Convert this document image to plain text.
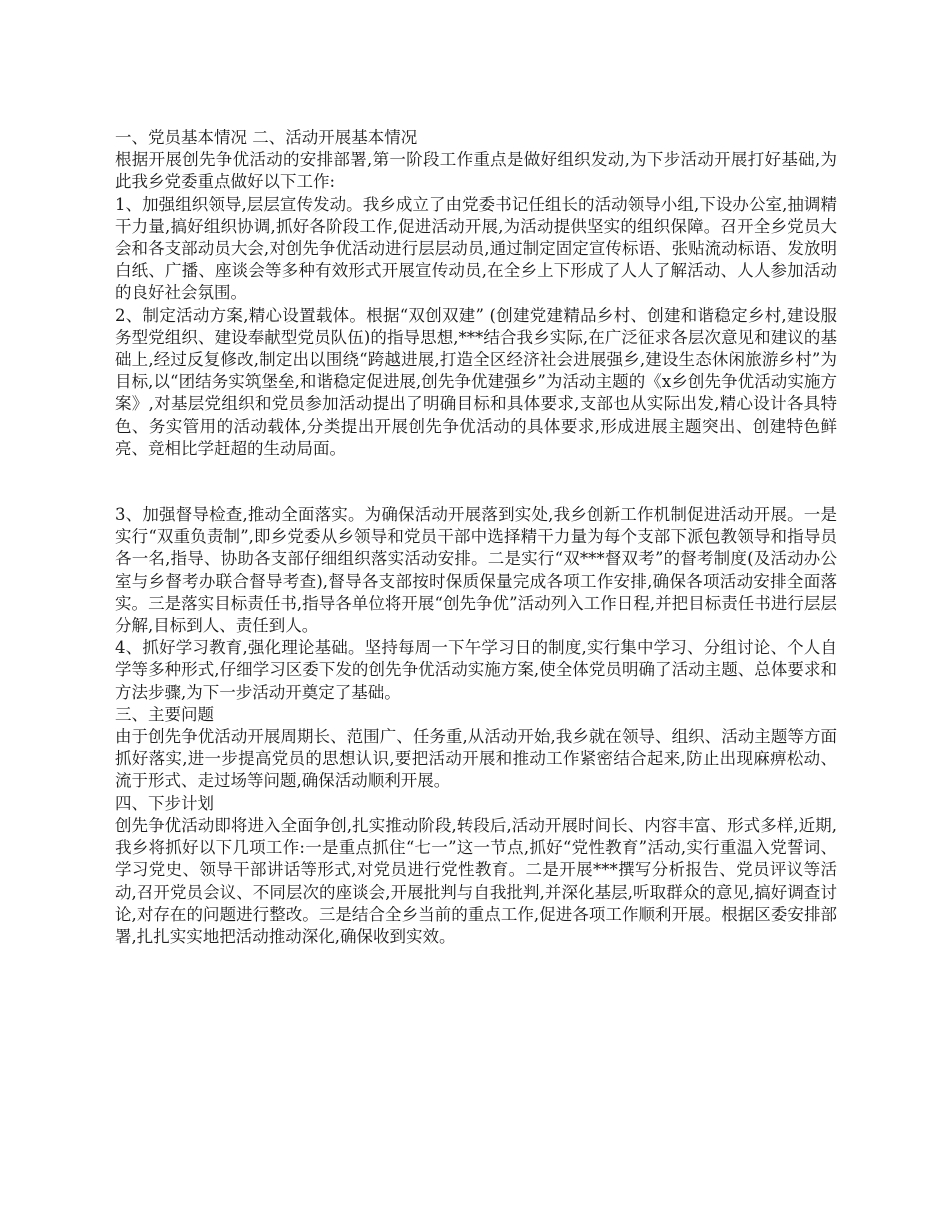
一、党员基本情况 二、活动开展基本情况

根据开展创先争优活动的安排部署,第一阶段工作重点是做好组织发动,为下步活动开展打好基础,为此我乡党委重点做好以下工作:

1、加强组织领导,层层宣传发动。我乡成立了由党委书记任组长的活动领导小组,下设办公室,抽调精干力量,搞好组织协调,抓好各阶段工作,促进活动开展,为活动提供坚实的组织保障。召开全乡党员大会和各支部动员大会,对创先争优活动进行层层动员,通过制定固定宣传标语、张贴流动标语、发放明白纸、广播、座谈会等多种有效形式开展宣传动员,在全乡上下形成了人人了解活动、人人参加活动的良好社会氛围。

2、制定活动方案,精心设置载体。根据“双创双建” (创建党建精品乡村、创建和谐稳定乡村,建设服务型党组织、建设奉献型党员队伍)的指导思想,***结合我乡实际,在广泛征求各层次意见和建议的基础上,经过反复修改,制定出以围绕“跨越进展,打造全区经济社会进展强乡,建设生态休闲旅游乡村”为目标,以“团结务实筑堡垒,和谐稳定促进展,创先争优建强乡”为活动主题的《x乡创先争优活动实施方案》,对基层党组织和党员参加活动提出了明确目标和具体要求,支部也从实际出发,精心设计各具特色、务实管用的活动载体,分类提出开展创先争优活动的具体要求,形成进展主题突出、创建特色鲜亮、竞相比学赶超的生动局面。

3、加强督导检查,推动全面落实。为确保活动开展落到实处,我乡创新工作机制促进活动开展。一是实行“双重负责制”,即乡党委从乡领导和党员干部中选择精干力量为每个支部下派包教领导和指导员各一名,指导、协助各支部仔细组织落实活动安排。二是实行“双***督双考”的督考制度(及活动办公室与乡督考办联合督导考查),督导各支部按时保质保量完成各项工作安排,确保各项活动安排全面落实。三是落实目标责任书,指导各单位将开展“创先争优”活动列入工作日程,并把目标责任书进行层层分解,目标到人、责任到人。

4、抓好学习教育,强化理论基础。坚持每周一下午学习日的制度,实行集中学习、分组讨论、个人自学等多种形式,仔细学习区委下发的创先争优活动实施方案,使全体党员明确了活动主题、总体要求和方法步骤,为下一步活动开奠定了基础。

三、主要问题

由于创先争优活动开展周期长、范围广、任务重,从活动开始,我乡就在领导、组织、活动主题等方面抓好落实,进一步提高党员的思想认识,要把活动开展和推动工作紧密结合起来,防止出现麻痹松动、流于形式、走过场等问题,确保活动顺利开展。

四、下步计划

创先争优活动即将进入全面争创,扎实推动阶段,转段后,活动开展时间长、内容丰富、形式多样,近期,我乡将抓好以下几项工作:一是重点抓住“七一”这一节点,抓好“党性教育”活动,实行重温入党誓词、学习党史、领导干部讲话等形式,对党员进行党性教育。二是开展***撰写分析报告、党员评议等活动,召开党员会议、不同层次的座谈会,开展批判与自我批判,并深化基层,听取群众的意见,搞好调查讨论,对存在的问题进行整改。三是结合全乡当前的重点工作,促进各项工作顺利开展。根据区委安排部署,扎扎实实地把活动推动深化,确保收到实效。
